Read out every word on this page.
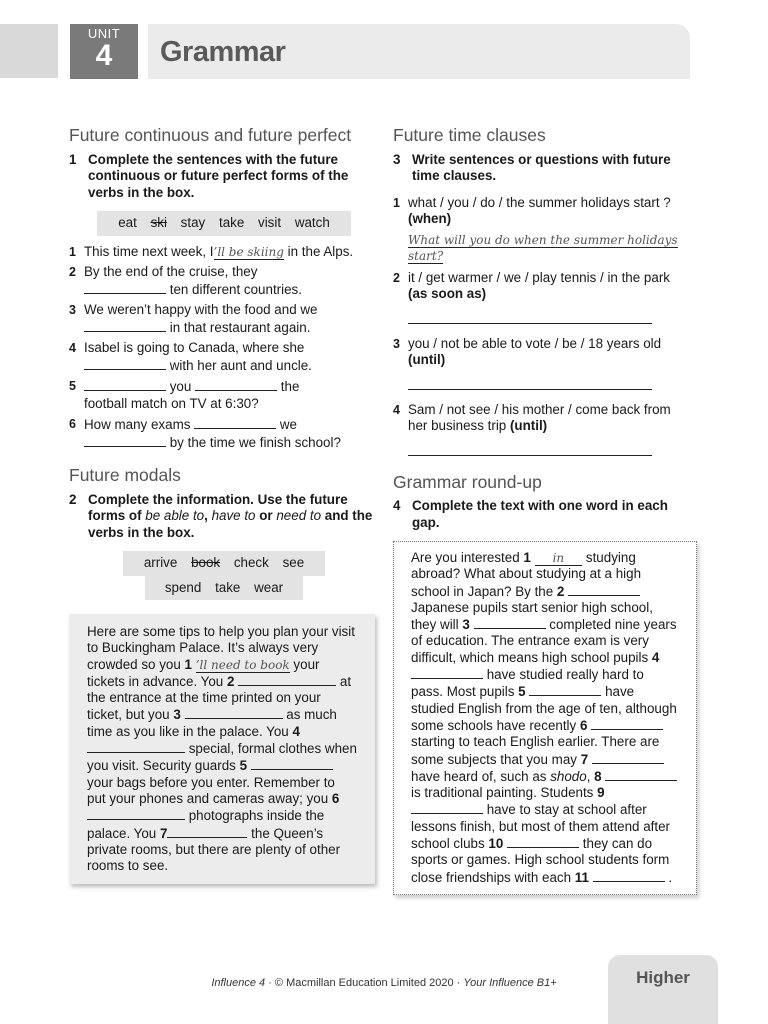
UNIT
4	Grammar
Future continuous and future perfect
1 Complete the sentences with the future continuous or future perfect forms of the verbs in the box.
eat ski stay take visit watch
1 This time next week, I’ll be skiing in the Alps.
2 By the end of the cruise, they
ten different countries.
3 We weren’t happy with the food and we
in that restaurant again.
4 Isabel is going to Canada, where she
with her aunt and uncle.
5	you	the
football match on TV at 6:30?
6 How many exams	we
by the time we finish school?
Future modals
2 Complete the information. Use the future forms of be able to, have to or need to and the verbs in the box.
arrive book check see
spend take wear
Here are some tips to help you plan your visit to Buckingham Palace. It’s always very crowded so you 1 ’ll need to book your tickets in advance. You 2	at the entrance at the time printed on your ticket, but you 3	as much time as you like in the palace. You 4  special, formal clothes when you visit. Security guards 5  your bags before you enter. Remember to put your phones and cameras away; you 6  photographs inside the palace. You 7	the Queen’s private rooms, but there are plenty of other rooms to see.
Future time clauses
3 Write sentences or questions with future time clauses.
1 what / you / do / the summer holidays start ? (when)
What will you do when the summer holidays start?
2 it / get warmer / we / play tennis / in the park (as soon as)
3 you / not be able to vote / be / 18 years old (until)
4 Sam / not see / his mother / come back from her business trip (until)
Grammar round-up
4 Complete the text with one word in each gap.
Are you interested 1 in studying abroad? What about studying at a high school in Japan? By the 2  Japanese pupils start senior high school, they will 3	completed nine years of education. The entrance exam is very difficult, which means high school pupils 4  have studied really hard to pass. Most pupils 5	have studied English from the age of ten, although some schools have recently 6  starting to teach English earlier. There are some subjects that you may 7  have heard of, such as shodo, 8  is traditional painting. Students 9  have to stay at school after lessons finish, but most of them attend after school clubs 10	they can do sports or games. High school students form close friendships with each 11	.
Influence 4 · © Macmillan Education Limited 2020 · Your Influence B1+	Higher
